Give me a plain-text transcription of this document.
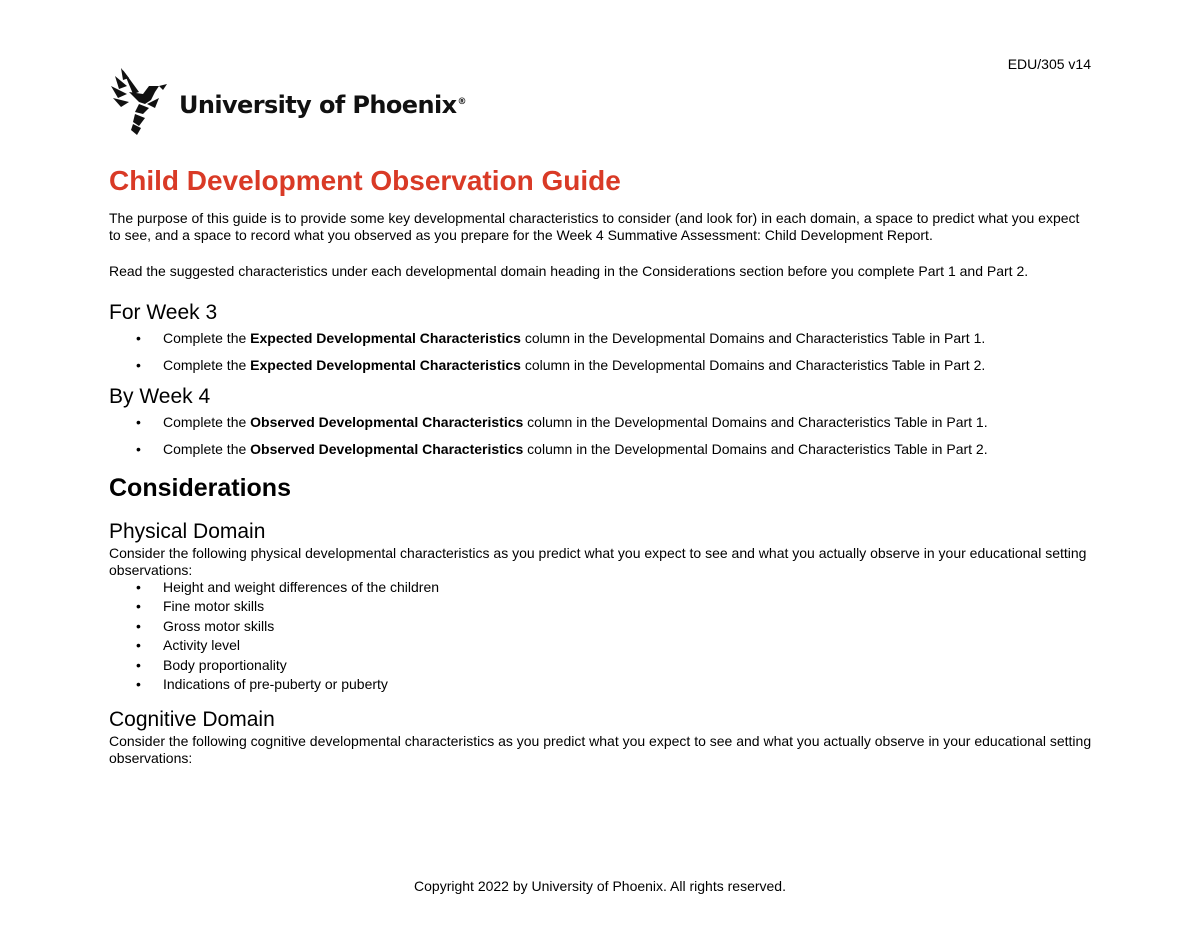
EDU/305 v14
University of Phoenix®
Child Development Observation Guide

The purpose of this guide is to provide some key developmental characteristics to consider (and look for) in each domain, a space to predict what you expect to see, and a space to record what you observed as you prepare for the Week 4 Summative Assessment: Child Development Report.

Read the suggested characteristics under each developmental domain heading in the Considerations section before you complete Part 1 and Part 2.

For Week 3
• Complete the Expected Developmental Characteristics column in the Developmental Domains and Characteristics Table in Part 1.
• Complete the Expected Developmental Characteristics column in the Developmental Domains and Characteristics Table in Part 2.
By Week 4
• Complete the Observed Developmental Characteristics column in the Developmental Domains and Characteristics Table in Part 1.
• Complete the Observed Developmental Characteristics column in the Developmental Domains and Characteristics Table in Part 2.
Considerations
Physical Domain

Consider the following physical developmental characteristics as you predict what you expect to see and what you actually observe in your educational setting observations:

• Height and weight differences of the children
• Fine motor skills
• Gross motor skills
• Activity level
• Body proportionality
• Indications of pre-puberty or puberty
Cognitive Domain

Consider the following cognitive developmental characteristics as you predict what you expect to see and what you actually observe in your educational setting observations:

Copyright 2022 by University of Phoenix. All rights reserved.
